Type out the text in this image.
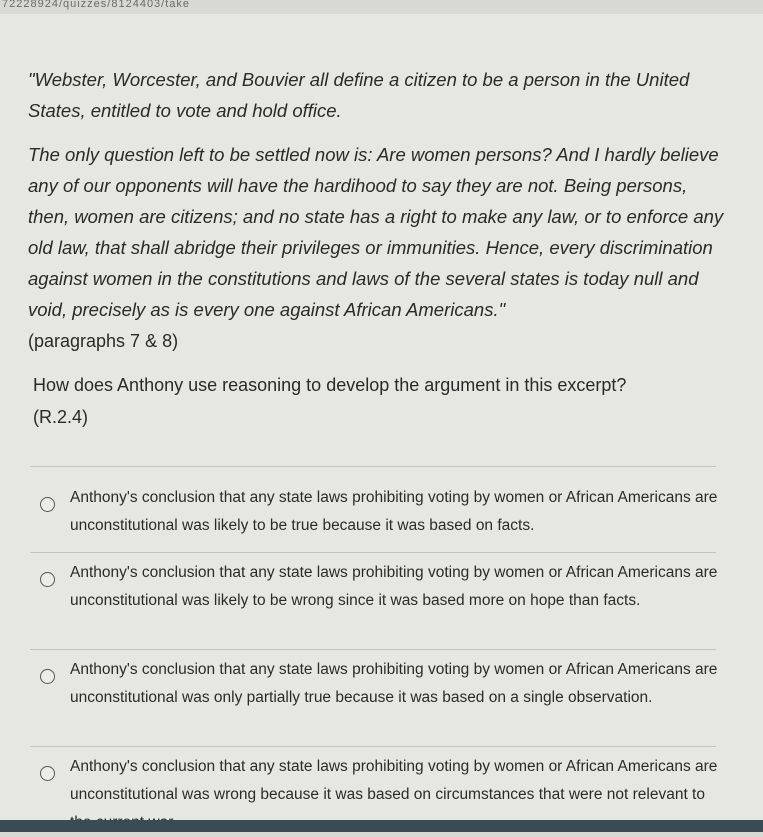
72228924/quizzes/8124403/take

"Webster, Worcester, and Bouvier all define a citizen to be a person in the United States, entitled to vote and hold office.

The only question left to be settled now is: Are women persons? And I hardly believe any of our opponents will have the hardihood to say they are not. Being persons, then, women are citizens; and no state has a right to make any law, or to enforce any old law, that shall abridge their privileges or immunities. Hence, every discrimination against women in the constitutions and laws of the several states is today null and void, precisely as is every one against African Americans."
(paragraphs 7 & 8)

How does Anthony use reasoning to develop the argument in this excerpt?
(R.2.4)
Anthony's conclusion that any state laws prohibiting voting by women or African Americans are unconstitutional was likely to be true because it was based on facts.
Anthony's conclusion that any state laws prohibiting voting by women or African Americans are unconstitutional was likely to be wrong since it was based more on hope than facts.
Anthony's conclusion that any state laws prohibiting voting by women or African Americans are unconstitutional was only partially true because it was based on a single observation.
Anthony's conclusion that any state laws prohibiting voting by women or African Americans are unconstitutional was wrong because it was based on circumstances that were not relevant to
